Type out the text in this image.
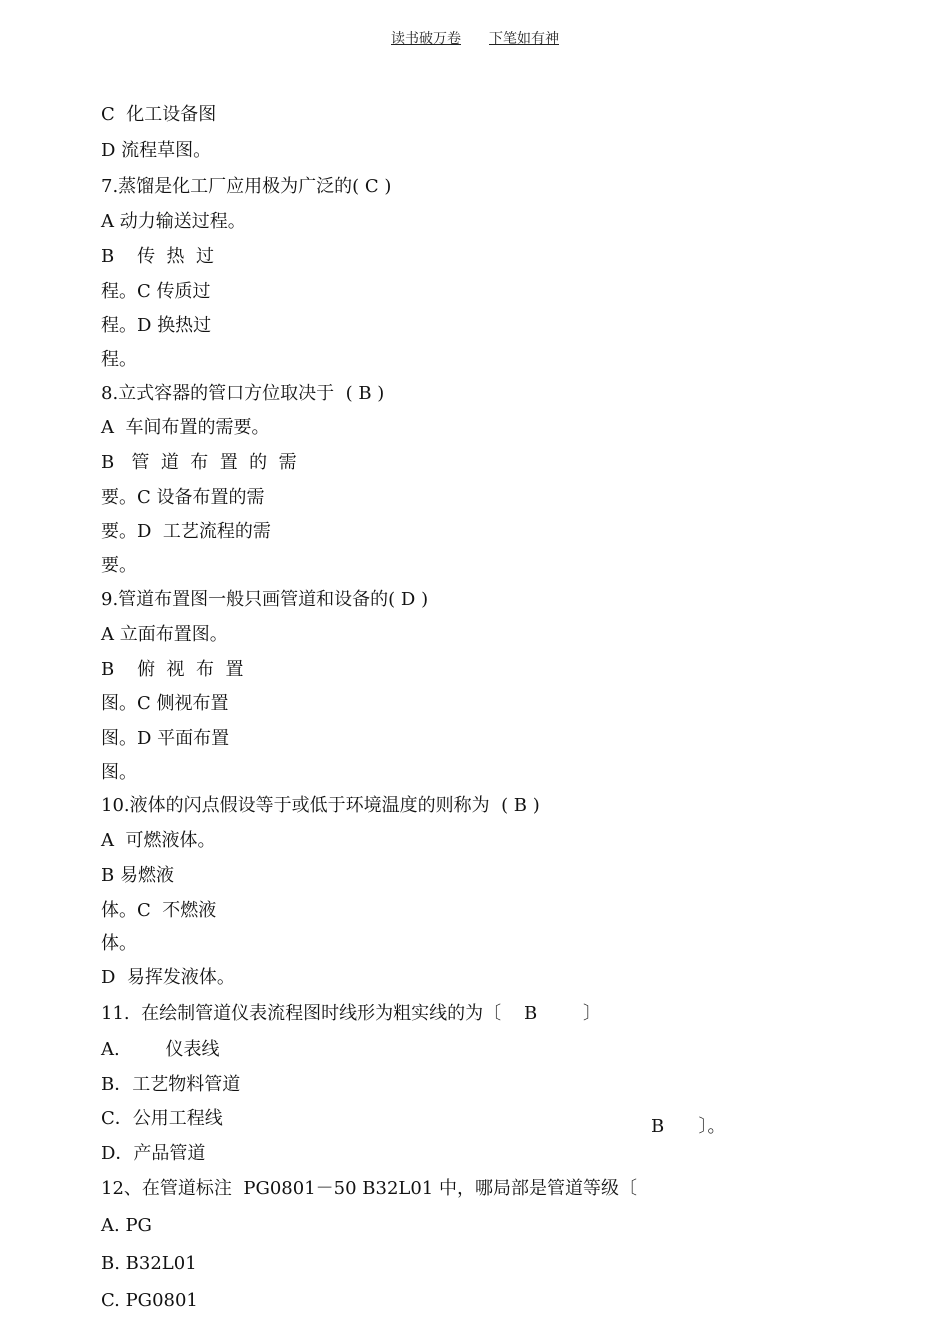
读书破万卷 下笔如有神
C  化工设备图
D 流程草图。
7.蒸馏是化工厂应用极为广泛的( C )
A 动力输送过程。
B    传  热  过
程。C 传质过
程。D 换热过
程。
8.立式容器的管口方位取决于  ( B )
A  车间布置的需要。
B   管  道  布  置  的  需
要。C 设备布置的需
要。D  工艺流程的需
要。
9.管道布置图一般只画管道和设备的( D )
A 立面布置图。
B    俯  视  布  置
图。C 侧视布置
图。D 平面布置
图。
10.液体的闪点假设等于或低于环境温度的则称为  ( B )
A  可燃液体。
B 易燃液
体。C  不燃液
体。
D  易挥发液体。
11.  在绘制管道仪表流程图时线形为粗实线的为〔    B        〕
A.        仪表线
B．工艺物料管道
C．公用工程线
D．产品管道
12、在管道标注  PG0801－50 B32L01 中，哪局部是管道等级〔
A. PG
B. B32L01
C. PG0801
B      〕。
